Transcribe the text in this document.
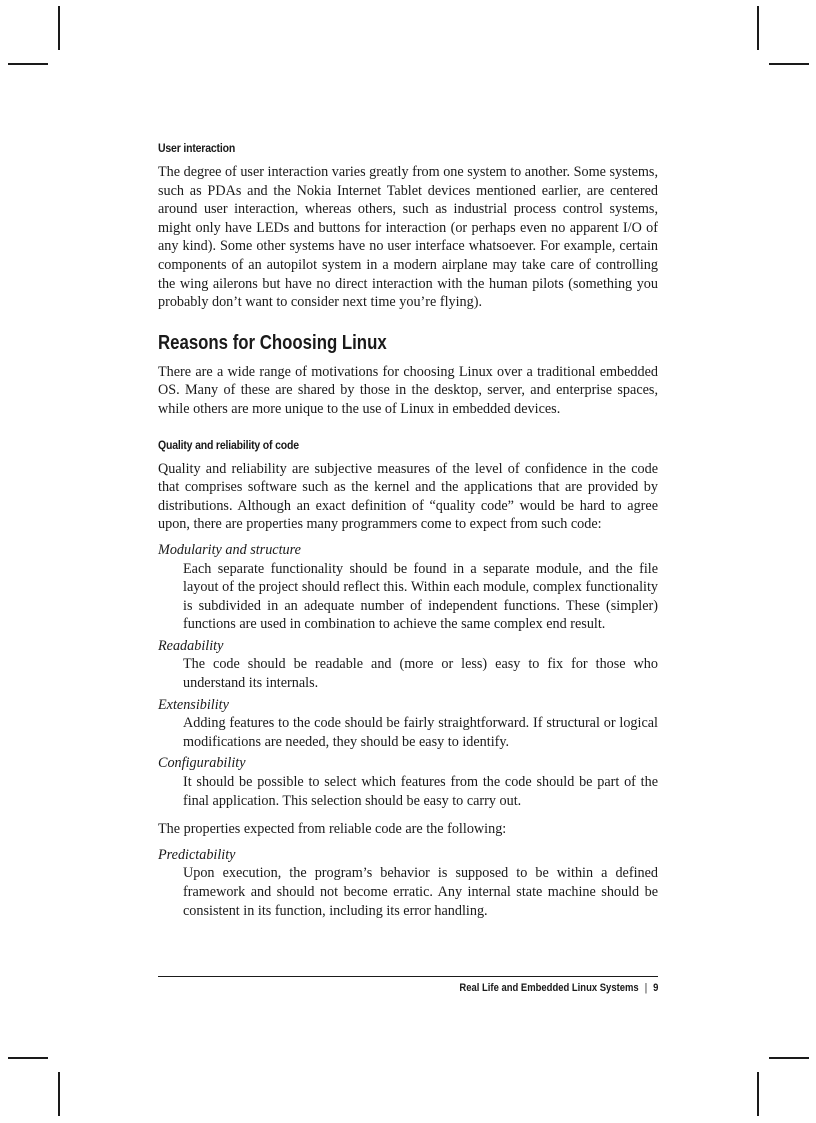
User interaction

The degree of user interaction varies greatly from one system to another. Some systems, such as PDAs and the Nokia Internet Tablet devices mentioned earlier, are centered around user interaction, whereas others, such as industrial process control systems, might only have LEDs and buttons for interaction (or perhaps even no apparent I/O of any kind). Some other systems have no user interface whatsoever. For example, certain components of an autopilot system in a modern airplane may take care of controlling the wing ailerons but have no direct interaction with the human pilots (something you probably don’t want to consider next time you’re flying).

Reasons for Choosing Linux

There are a wide range of motivations for choosing Linux over a traditional embedded OS. Many of these are shared by those in the desktop, server, and enterprise spaces, while others are more unique to the use of Linux in embedded devices.

Quality and reliability of code

Quality and reliability are subjective measures of the level of confidence in the code that comprises software such as the kernel and the applications that are provided by distributions. Although an exact definition of “quality code” would be hard to agree upon, there are properties many programmers come to expect from such code:

Modularity and structure
Each separate functionality should be found in a separate module, and the file layout of the project should reflect this. Within each module, complex functionality is subdivided in an adequate number of independent functions. These (simpler) functions are used in combination to achieve the same complex end result.
Readability
The code should be readable and (more or less) easy to fix for those who understand its internals.
Extensibility
Adding features to the code should be fairly straightforward. If structural or logical modifications are needed, they should be easy to identify.
Configurability
It should be possible to select which features from the code should be part of the final application. This selection should be easy to carry out.

The properties expected from reliable code are the following:

Predictability
Upon execution, the program’s behavior is supposed to be within a defined framework and should not become erratic. Any internal state machine should be consistent in its function, including its error handling.
Real Life and Embedded Linux Systems | 9
